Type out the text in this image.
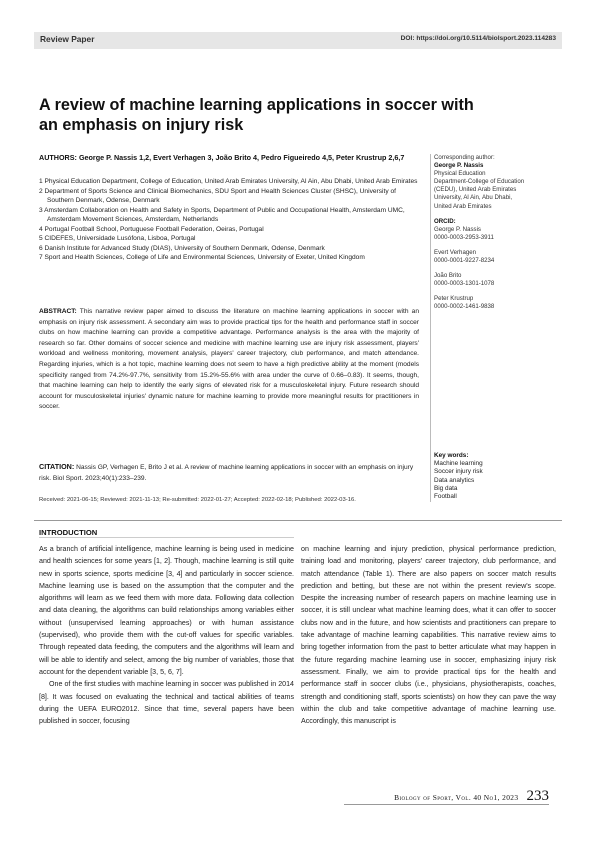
Review Paper	DOI: https://doi.org/10.5114/biolsport.2023.114283
A review of machine learning applications in soccer with an emphasis on injury risk
AUTHORS: George P. Nassis 1,2, Evert Verhagen 3, João Brito 4, Pedro Figueiredo 4,5, Peter Krustrup 2,6,7
1 Physical Education Department, College of Education, United Arab Emirates University, Al Ain, Abu Dhabi, United Arab Emirates
2 Department of Sports Science and Clinical Biomechanics, SDU Sport and Health Sciences Cluster (SHSC), University of Southern Denmark, Odense, Denmark
3 Amsterdam Collaboration on Health and Safety in Sports, Department of Public and Occupational Health, Amsterdam UMC, Amsterdam Movement Sciences, Amsterdam, Netherlands
4 Portugal Football School, Portuguese Football Federation, Oeiras, Portugal
5 CIDEFES, Universidade Lusófona, Lisboa, Portugal
6 Danish Institute for Advanced Study (DIAS), University of Southern Denmark, Odense, Denmark
7 Sport and Health Sciences, College of Life and Environmental Sciences, University of Exeter, United Kingdom
ABSTRACT: This narrative review paper aimed to discuss the literature on machine learning applications in soccer with an emphasis on injury risk assessment. A secondary aim was to provide practical tips for the health and performance staff in soccer clubs on how machine learning can provide a competitive advantage. Performance analysis is the area with the majority of research so far. Other domains of soccer science and medicine with machine learning use are injury risk assessment, players' workload and wellness monitoring, movement analysis, players' career trajectory, club performance, and match attendance. Regarding injuries, which is a hot topic, machine learning does not seem to have a high predictive ability at the moment (models specificity ranged from 74.2%-97.7%, sensitivity from 15.2%-55.6% with area under the curve of 0.66–0.83). It seems, though, that machine learning can help to identify the early signs of elevated risk for a musculoskeletal injury. Future research should account for musculoskeletal injuries' dynamic nature for machine learning to provide more meaningful results for practitioners in soccer.
CITATION: Nassis GP, Verhagen E, Brito J et al. A review of machine learning applications in soccer with an emphasis on injury risk. Biol Sport. 2023;40(1):233–239.
Received: 2021-06-15; Reviewed: 2021-11-13; Re-submitted: 2022-01-27; Accepted: 2022-02-18; Published: 2022-03-16.
Corresponding author:
George P. Nassis
Physical Education
Department-College of Education
(CEDU), United Arab Emirates
University, Al Ain, Abu Dhabi,
United Arab Emirates
ORCID:
George P. Nassis
0000-0003-2953-3911
Evert Verhagen
0000-0001-9227-8234
João Brito
0000-0003-1301-1078
Peter Krustrup
0000-0002-1461-9838
Key words:
Machine learning
Soccer injury risk
Data analytics
Big data
Football
INTRODUCTION

As a branch of artificial intelligence, machine learning is being used in medicine and health sciences for some years [1, 2]. Though, machine learning is still quite new in sports science, sports medicine [3, 4] and particularly in soccer science. Machine learning use is based on the assumption that the computer and the algorithms will learn as we feed them with more data. Following data collection and data cleaning, the algorithms can build relationships among variables either without (unsupervised learning approaches) or with human assistance (supervised), who provide them with the cut-off values for specific variables. Through repeated data feeding, the computers and the algorithms will learn and will be able to identify and select, among the big number of variables, those that account for the dependent variable [3, 5, 6, 7].

One of the first studies with machine learning in soccer was published in 2014 [8]. It was focused on evaluating the technical and tactical abilities of teams during the UEFA EURO2012. Since that time, several papers have been published in soccer, focusing

on machine learning and injury prediction, physical performance prediction, training load and monitoring, players' career trajectory, club performance, and match attendance (Table 1). There are also papers on soccer match results prediction and betting, but these are not within the present review's scope. Despite the increasing number of research papers on machine learning use in soccer, it is still unclear what machine learning does, what it can offer to soccer clubs now and in the future, and how scientists and practitioners can prepare to take advantage of machine learning capabilities. This narrative review aims to bring together information from the past to better articulate what may happen in the future regarding machine learning use in soccer, emphasizing injury risk assessment. Finally, we aim to provide practical tips for the health and performance staff in soccer clubs (i.e., physicians, physiotherapists, coaches, strength and conditioning staff, sports scientists) on how they can pave the way within the club and take competitive advantage of machine learning use. Accordingly, this manuscript is

Biology of Sport, Vol. 40 No1, 2023 233
